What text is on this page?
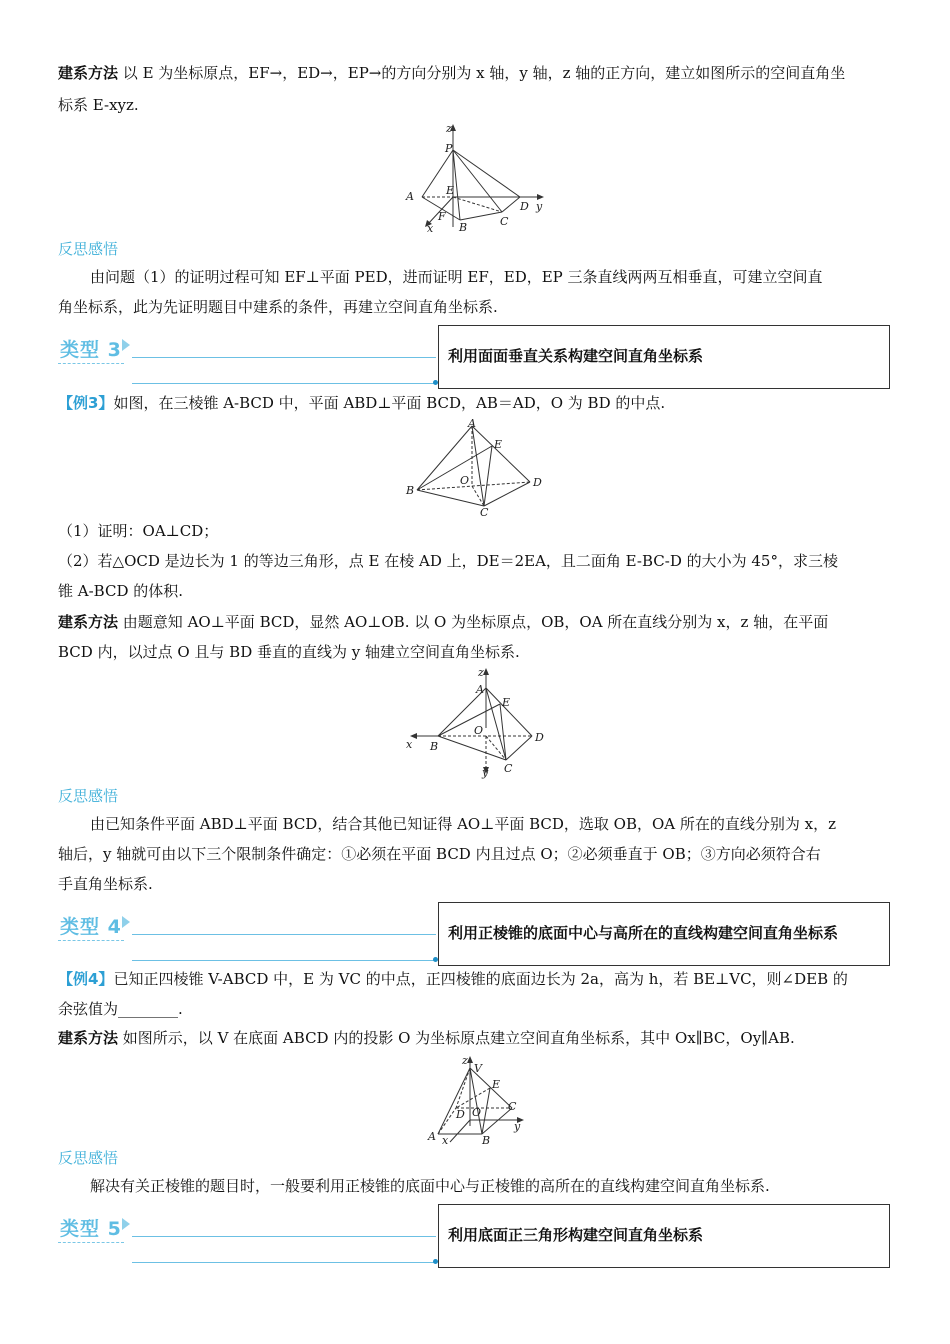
建系方法 以 E 为坐标原点，EF→，ED→，EP→的方向分别为 x 轴，y 轴，z 轴的正方向，建立如图所示的空间直角坐
标系 E-xyz.
z
P
A	E
F
x B	C
D y
反思感悟
由问题（1）的证明过程可知 EF⊥平面 PED，进而证明 EF，ED，EP 三条直线两两互相垂直，可建立空间直
角坐标系，此为先证明题目中建系的条件，再建立空间直角坐标系.
类型 3	利用面面垂直关系构建空间直角坐标系
【例3】如图，在三棱锥 A-BCD 中，平面 ABD⊥平面 BCD，AB＝AD，O 为 BD 的中点.
A
E
O
B
D
C
（1）证明：OA⊥CD；
（2）若△OCD 是边长为 1 的等边三角形，点 E 在棱 AD 上，DE＝2EA，且二面角 E-BC-D 的大小为 45°，求三棱
锥 A-BCD 的体积.
建系方法 由题意知 AO⊥平面 BCD，显然 AO⊥OB. 以 O 为坐标原点，OB，OA 所在直线分别为 x，z 轴，在平面
BCD 内，以过点 O 且与 BD 垂直的直线为 y 轴建立空间直角坐标系.
z
A
E
x B
O
D
y C
反思感悟
由已知条件平面 ABD⊥平面 BCD，结合其他已知证得 AO⊥平面 BCD，选取 OB，OA 所在的直线分别为 x，z
轴后，y 轴就可由以下三个限制条件确定：①必须在平面 BCD 内且过点 O；②必须垂直于 OB；③方向必须符合右
手直角坐标系.
类型 4	利用正棱锥的底面中心与高所在的直线构建空间直角坐标系
【例4】已知正四棱锥 V-ABCD 中，E 为 VC 的中点，正四棱锥的底面边长为 2a，高为 h，若 BE⊥VC，则∠DEB 的
余弦值为________.
建系方法 如图所示，以 V 在底面 ABCD 内的投影 O 为坐标原点建立空间直角坐标系，其中 Ox∥BC，Oy∥AB.
z
V
E
D O C
A x	B
y
反思感悟
解决有关正棱锥的题目时，一般要利用正棱锥的底面中心与正棱锥的高所在的直线构建空间直角坐标系.
类型 5	利用底面正三角形构建空间直角坐标系
